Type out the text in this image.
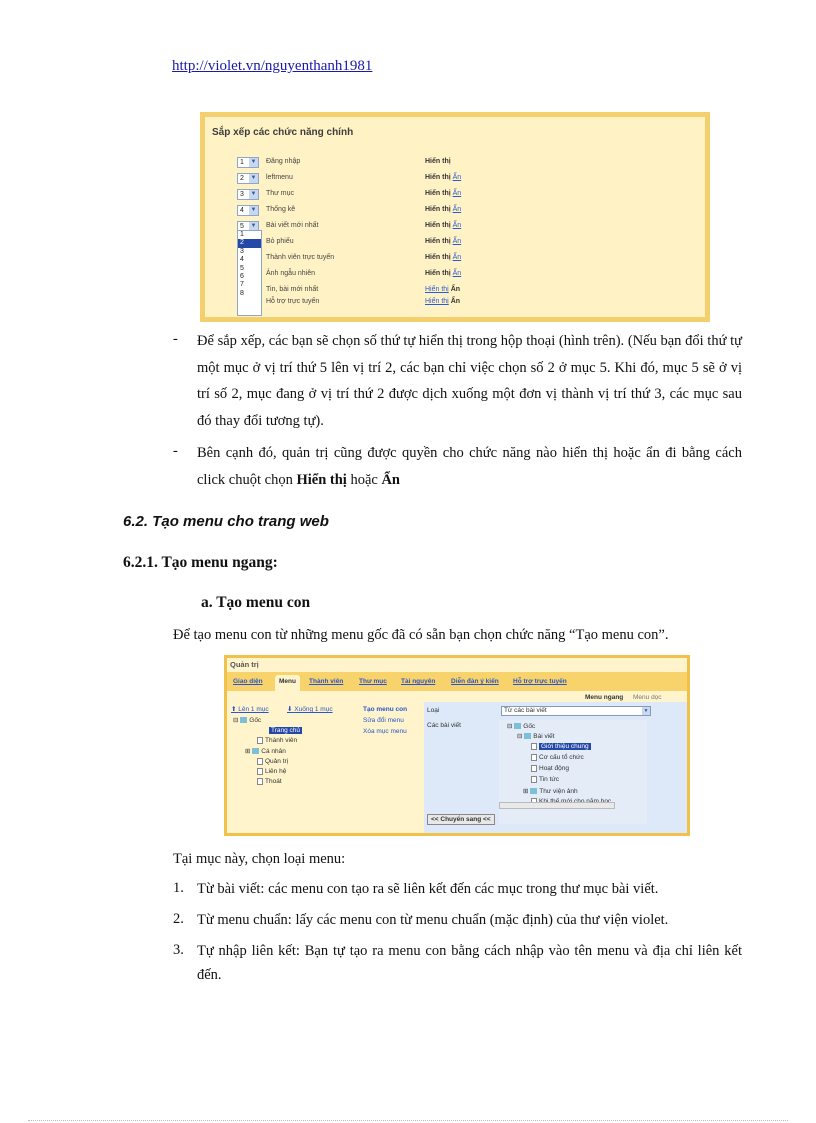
http://violet.vn/nguyenthanh1981
Sắp xếp các chức năng chính
1 ▼ Đăng nhập	Hiển thị
2 ▼ leftmenu	Hiển thị Ẩn
3 ▼ Thư mục	Hiển thị Ẩn
4 ▼ Thống kê	Hiển thị Ẩn
5 ▼ Bài viết mới nhất	Hiển thị Ẩn
Bỏ phiếu	Hiển thị Ẩn
Thành viên trực tuyến	Hiển thị Ẩn
Ảnh ngẫu nhiên	Hiển thị Ẩn
Tin, bài mới nhất	Hiển thị Ẩn
Hỗ trợ trực tuyến	Hiển thị Ẩn
1
2
3
4
5
6
7
8
- Để sắp xếp, các bạn sẽ chọn số thứ tự hiển thị trong hộp thoại (hình trên). (Nếu bạn đổi thứ tự một mục ở vị trí thứ 5 lên vị trí 2, các bạn chỉ việc chọn số 2 ở mục 5. Khi đó, mục 5 sẽ ở vị trí số 2, mục đang ở vị trí thứ 2 được dịch xuống một đơn vị thành vị trí thứ 3, các mục sau đó thay đổi tương tự).
- Bên cạnh đó, quản trị cũng được quyền cho chức năng nào hiển thị hoặc ẩn đi bằng cách click chuột chọn Hiển thị hoặc Ẩn
6.2. Tạo menu cho trang web
6.2.1. Tạo menu ngang:
a. Tạo menu con
Để tạo menu con từ những menu gốc đã có sẵn bạn chọn chức năng “Tạo menu con”.
Quản trị
Giao diện	Menu	Thành viên Thư mục Tài nguyên Diễn đàn ý kiến Hỗ trợ trực tuyến
Menu ngang Menu dọc
⬆ Lên 1 mục	⬇ Xuống 1 mục
⊟ Gốc
Trang chủ
Thành viên
⊞ Cá nhân
Quản trị
Liên hệ
Thoát
Tạo menu con
Sửa đổi menu
Xóa mục menu
Loại	Từ các bài viết	▼
Các bài viết	⊟ Gốc
⊟ Bài viết
Giới thiệu chung
Cơ cấu tổ chức
Hoạt động
Tin tức
⊞ Thư viện ảnh
<< Chuyển sang <<
Tại mục này, chọn loại menu:
1. Từ bài viết: các menu con tạo ra sẽ liên kết đến các mục trong thư mục bài viết.
2. Từ menu chuẩn: lấy các menu con từ menu chuẩn (mặc định) của thư viện violet.
3. Tự nhập liên kết: Bạn tự tạo ra menu con bằng cách nhập vào tên menu và địa chỉ liên kết đến.
